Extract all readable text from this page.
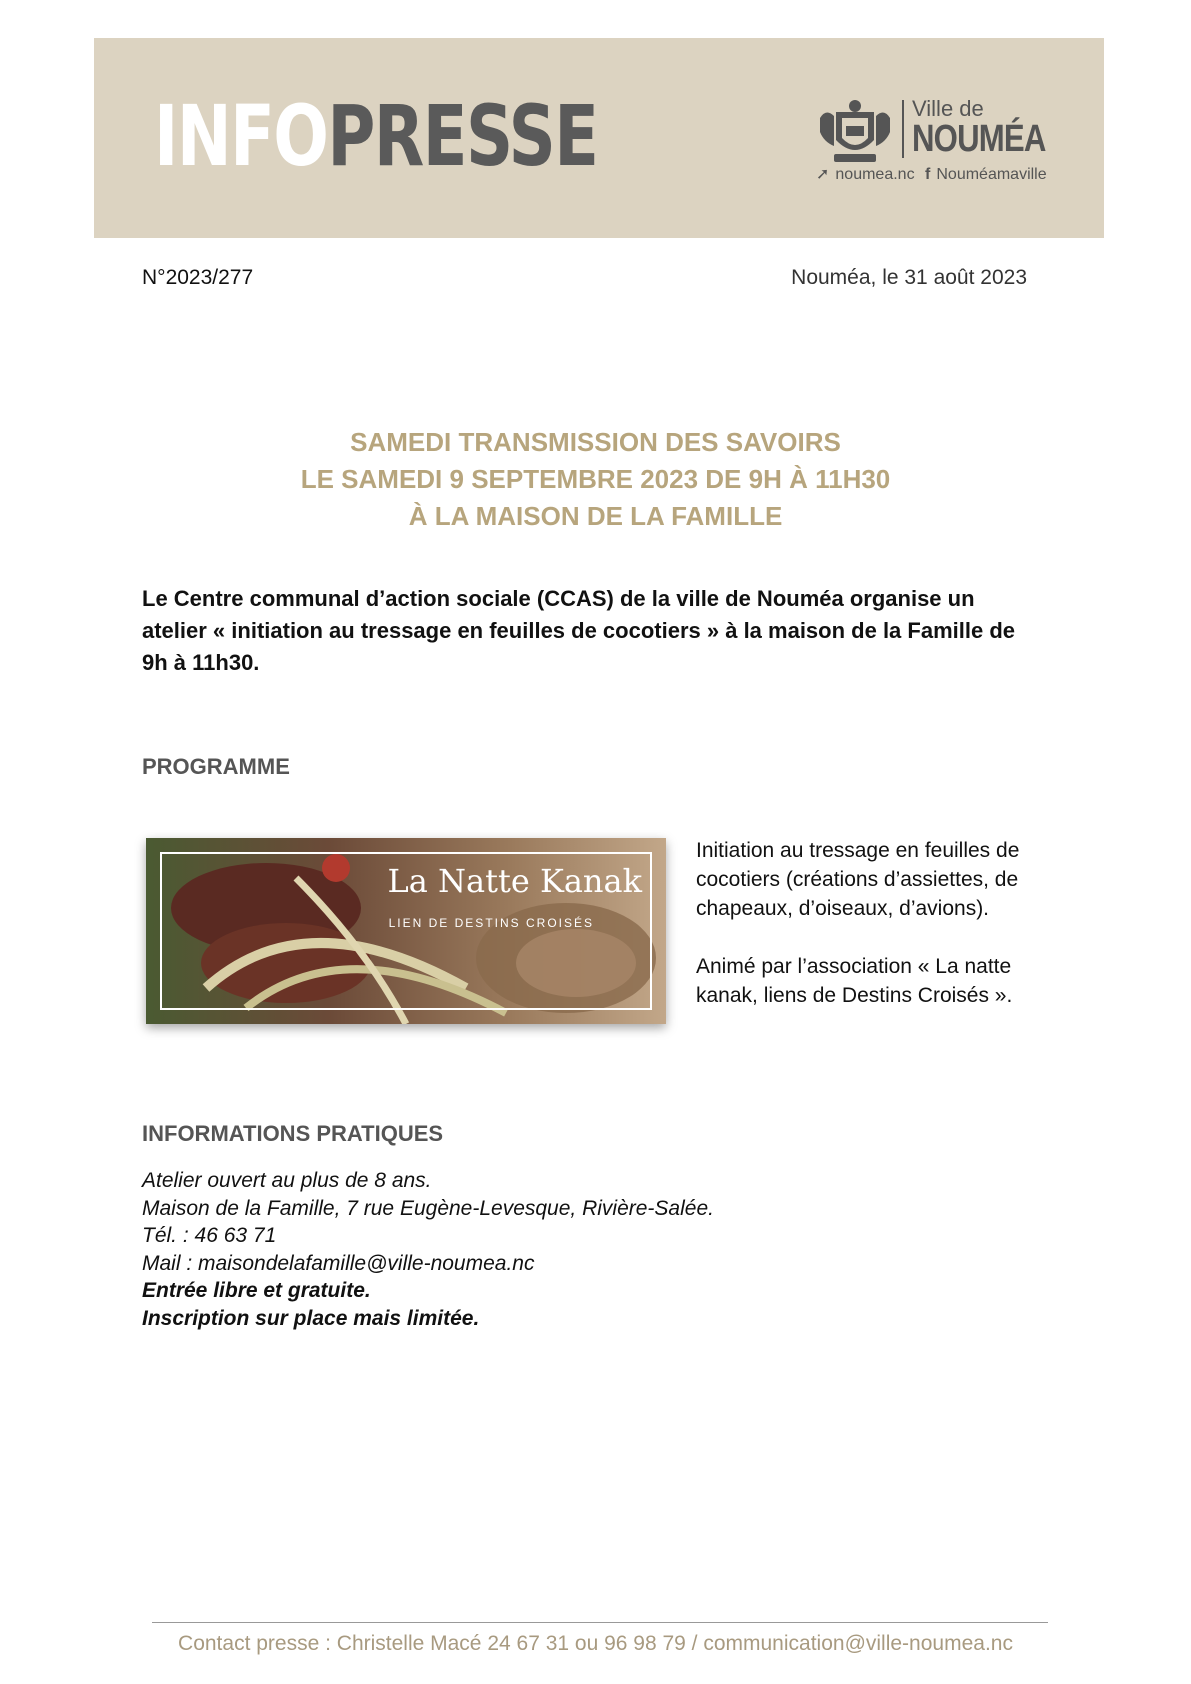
INFOPRESSE	Ville de
NOUMÉA
➚ noumea.nc f Nouméamaville
N°2023/277	Nouméa, le 31 août 2023
SAMEDI TRANSMISSION DES SAVOIRS
LE SAMEDI 9 SEPTEMBRE 2023 DE 9H À 11H30
À LA MAISON DE LA FAMILLE
Le Centre communal d’action sociale (CCAS) de la ville de Nouméa organise un atelier « initiation au tressage en feuilles de cocotiers » à la maison de la Famille de 9h à 11h30.
PROGRAMME
La Natte Kanak
LIEN DE DESTINS CROISÉS

Initiation au tressage en feuilles de cocotiers (créations d’assiettes, de chapeaux, d’oiseaux, d’avions).

Animé par l’association « La natte kanak, liens de Destins Croisés ».

INFORMATIONS PRATIQUES
Atelier ouvert au plus de 8 ans.
Maison de la Famille, 7 rue Eugène-Levesque, Rivière-Salée.
Tél. : 46 63 71
Mail : maisondelafamille@ville-noumea.nc
Entrée libre et gratuite.
Inscription sur place mais limitée.
Contact presse : Christelle Macé 24 67 31 ou 96 98 79 / communication@ville-noumea.nc
